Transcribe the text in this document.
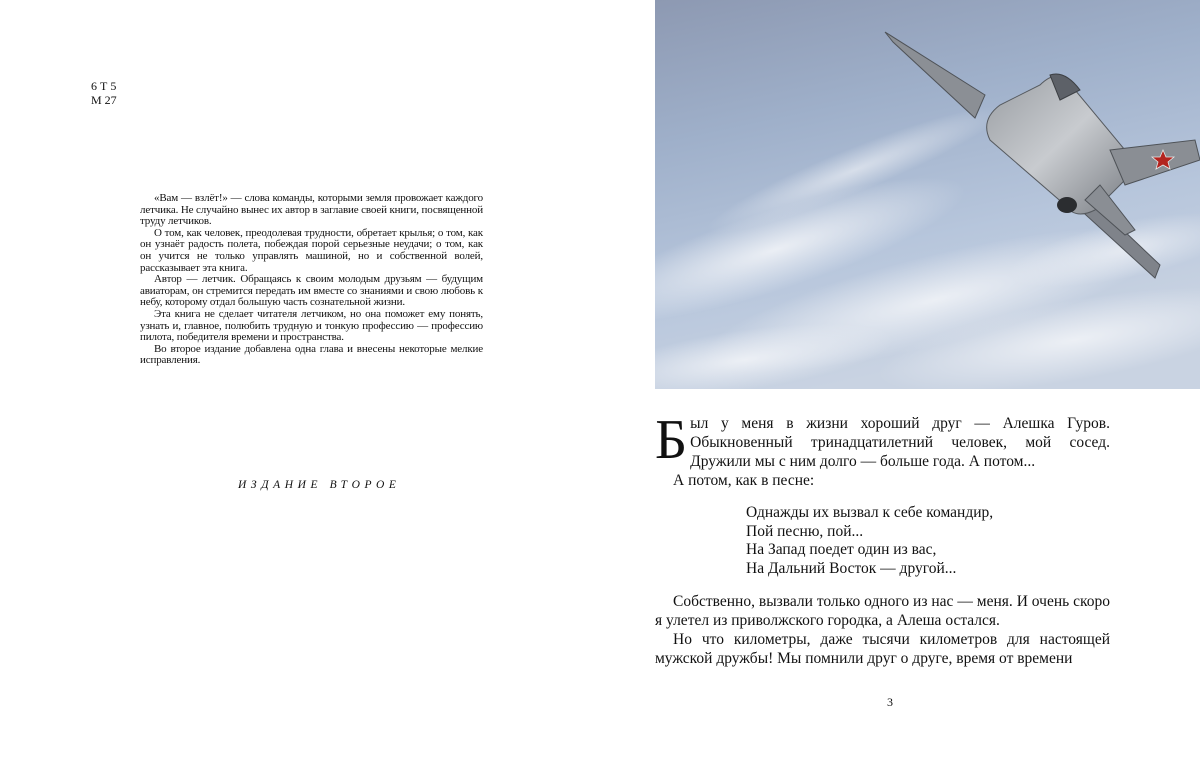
6 Т 5
М 27

«Вам — взлёт!» — слова команды, которыми земля провожает каждого летчика. Не случайно вынес их автор в заглавие своей книги, посвященной труду летчиков.

О том, как человек, преодолевая трудности, обретает крылья; о том, как он узнаёт радость полета, побеждая порой серьезные неудачи; о том, как он учится не только управлять машиной, но и собственной волей, рассказывает эта книга.

Автор — летчик. Обращаясь к своим молодым друзьям — будущим авиаторам, он стремится передать им вместе со знаниями и свою любовь к небу, которому отдал большую часть сознательной жизни.

Эта книга не сделает читателя летчиком, но она поможет ему понять, узнать и, главное, полюбить трудную и тонкую профессию — профессию пилота, победителя времени и пространства.

Во второе издание добавлена одна глава и внесены некоторые мелкие исправления.

ИЗДАНИЕ ВТОРОЕ

Был у меня в жизни хороший друг — Алешка Гуров. Обыкновенный тринадцатилетний человек, мой сосед. Дружили мы с ним долго — больше года. А потом...

А потом, как в песне:

Однажды их вызвал к себе командир,
Пой песню, пой...
На Запад поедет один из вас,
На Дальний Восток — другой...

Собственно, вызвали только одного из нас — меня. И очень скоро я улетел из приволжского городка, а Алеша остался.

Но что километры, даже тысячи километров для настоящей мужской дружбы! Мы помнили друг о друге, время от времени

3
